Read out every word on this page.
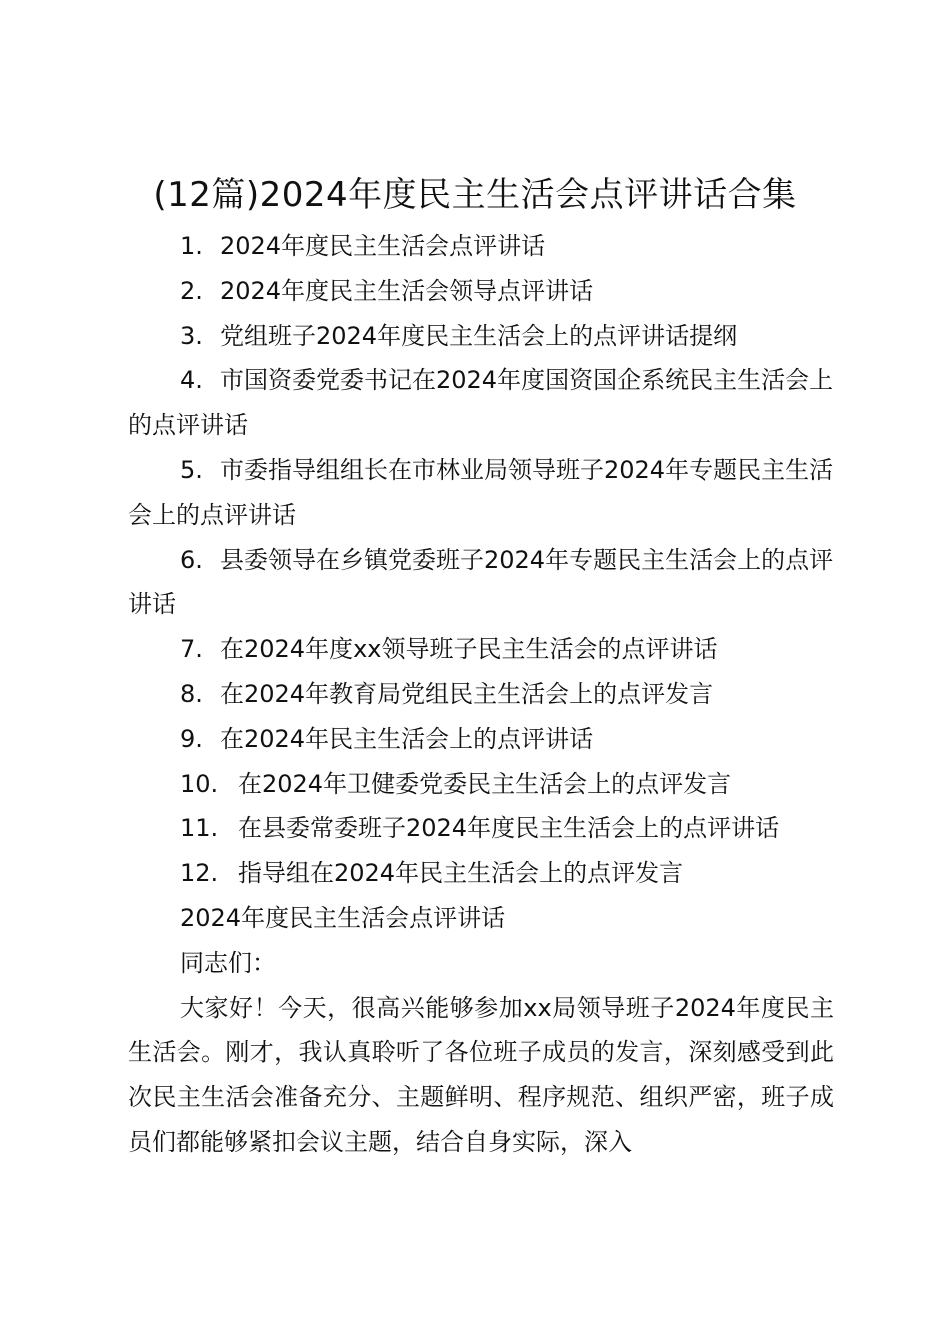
(12篇)2024年度民主生活会点评讲话合集
1. 2024年度民主生活会点评讲话
2. 2024年度民主生活会领导点评讲话
3. 党组班子2024年度民主生活会上的点评讲话提纲
4. 市国资委党委书记在2024年度国资国企系统民主生活会上的点评讲话
5. 市委指导组组长在市林业局领导班子2024年专题民主生活会上的点评讲话
6. 县委领导在乡镇党委班子2024年专题民主生活会上的点评讲话
7. 在2024年度xx领导班子民主生活会的点评讲话
8. 在2024年教育局党组民主生活会上的点评发言
9. 在2024年民主生活会上的点评讲话
10. 在2024年卫健委党委民主生活会上的点评发言
11. 在县委常委班子2024年度民主生活会上的点评讲话
12. 指导组在2024年民主生活会上的点评发言

2024年度民主生活会点评讲话

同志们：

大家好！今天，很高兴能够参加xx局领导班子2024年度民主生活会。刚才，我认真聆听了各位班子成员的发言，深刻感受到此次民主生活会准备充分、主题鲜明、程序规范、组织严密，班子成员们都能够紧扣会议主题，结合自身实际，深入
